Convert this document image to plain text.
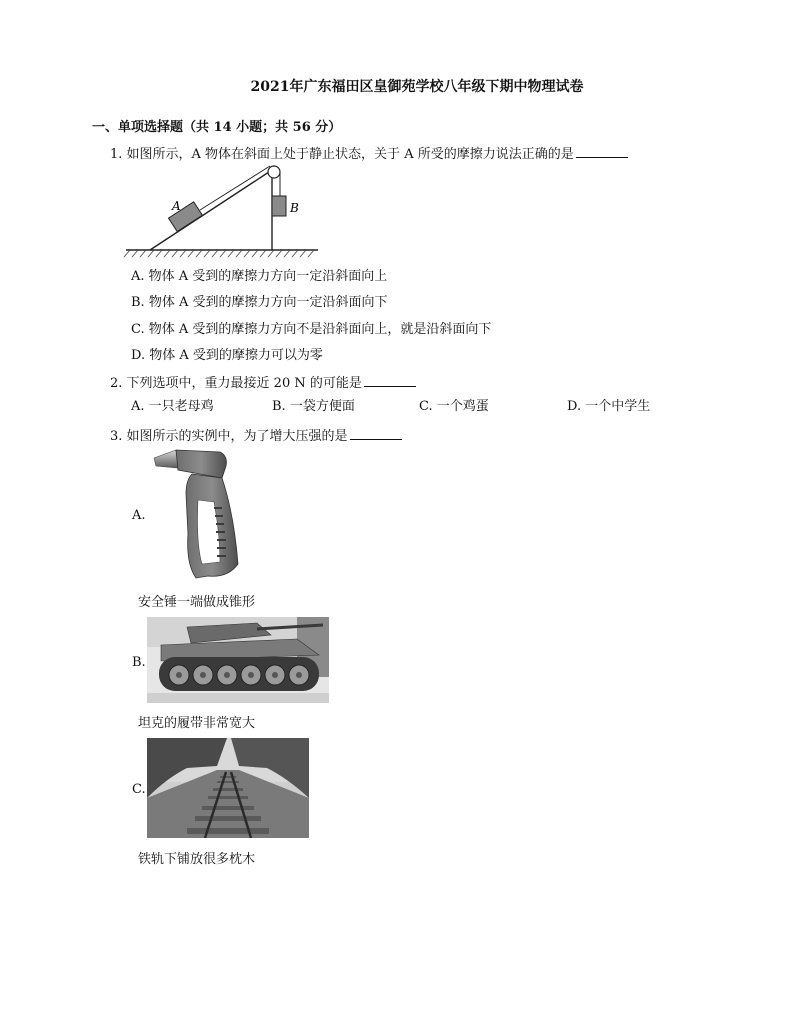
2021年广东福田区皇御苑学校八年级下期中物理试卷
一、单项选择题（共 14 小题；共 56 分）
1. 如图所示，A 物体在斜面上处于静止状态，关于 A 所受的摩擦力说法正确的是
A	B
A. 物体 A 受到的摩擦力方向一定沿斜面向上
B. 物体 A 受到的摩擦力方向一定沿斜面向下
C. 物体 A 受到的摩擦力方向不是沿斜面向上，就是沿斜面向下
D. 物体 A 受到的摩擦力可以为零
2. 下列选项中，重力最接近 20 N 的可能是
A. 一只老母鸡	B. 一袋方便面	C. 一个鸡蛋	D. 一个中学生
3. 如图所示的实例中，为了增大压强的是
A.
安全锤一端做成锥形
B.
坦克的履带非常宽大
C.
铁轨下铺放很多枕木
